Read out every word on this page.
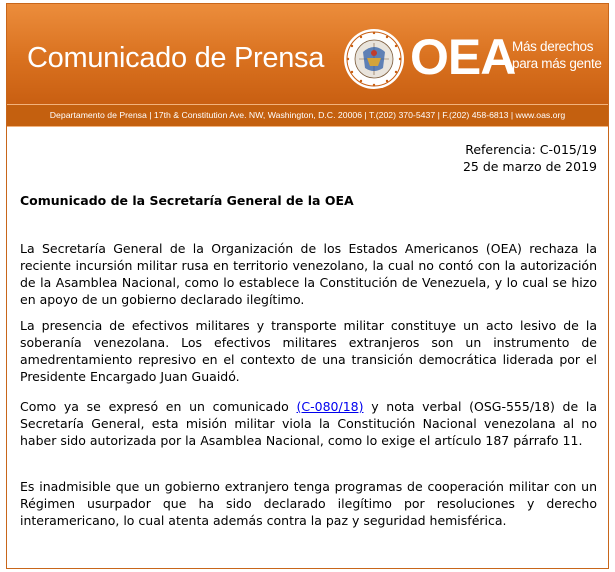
Comunicado de Prensa OEA
Más derechos
para más gente
Departamento de Prensa | 17th & Constitution Ave. NW, Washington, D.C. 20006 | T.(202) 370-5437 | F.(202) 458-6813 | www.oas.org
Referencia: C-015/19
25 de marzo de 2019
Comunicado de la Secretaría General de la OEA

La Secretaría General de la Organización de los Estados Americanos (OEA) rechaza la reciente incursión militar rusa en territorio venezolano, la cual no contó con la autorización de la Asamblea Nacional, como lo establece la Constitución de Venezuela, y lo cual se hizo en apoyo de un gobierno declarado ilegítimo.

La presencia de efectivos militares y transporte militar constituye un acto lesivo de la soberanía venezolana. Los efectivos militares extranjeros son un instrumento de amedrentamiento represivo en el contexto de una transición democrática liderada por el Presidente Encargado Juan Guaidó.

Como ya se expresó en un comunicado (C-080/18) y nota verbal (OSG-555/18) de la Secretaría General, esta misión militar viola la Constitución Nacional venezolana al no haber sido autorizada por la Asamblea Nacional, como lo exige el artículo 187 párrafo 11.

Es inadmisible que un gobierno extranjero tenga programas de cooperación militar con un Régimen usurpador que ha sido declarado ilegítimo por resoluciones y derecho interamericano, lo cual atenta además contra la paz y seguridad hemisférica.
